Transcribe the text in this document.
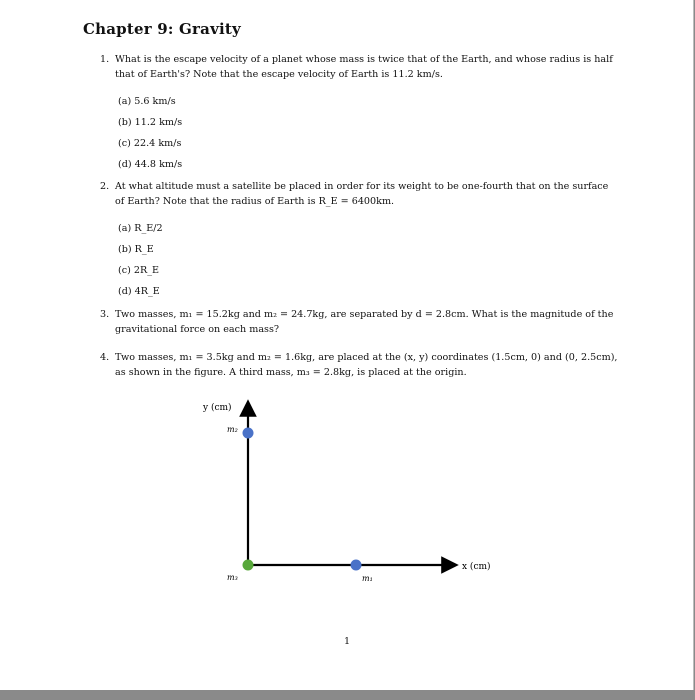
Chapter 9: Gravity
1. What is the escape velocity of a planet whose mass is twice that of the Earth, and whose radius is half that of Earth's? Note that the escape velocity of Earth is 11.2 km/s.
(a) 5.6 km/s
(b) 11.2 km/s
(c) 22.4 km/s
(d) 44.8 km/s
2. At what altitude must a satellite be placed in order for its weight to be one-fourth that on the surface of Earth? Note that the radius of Earth is R_E = 6400km.
(a) R_E/2
(b) R_E
(c) 2R_E
(d) 4R_E
3. Two masses, m₁ = 15.2kg and m₂ = 24.7kg, are separated by d = 2.8cm. What is the magnitude of the gravitational force on each mass?
4. Two masses, m₁ = 3.5kg and m₂ = 1.6kg, are placed at the (x, y) coordinates (1.5cm, 0) and (0, 2.5cm), as shown in the figure. A third mass, m₃ = 2.8kg, is placed at the origin.
y (cm)
x (cm)
m₂
m₃	m₁
1
